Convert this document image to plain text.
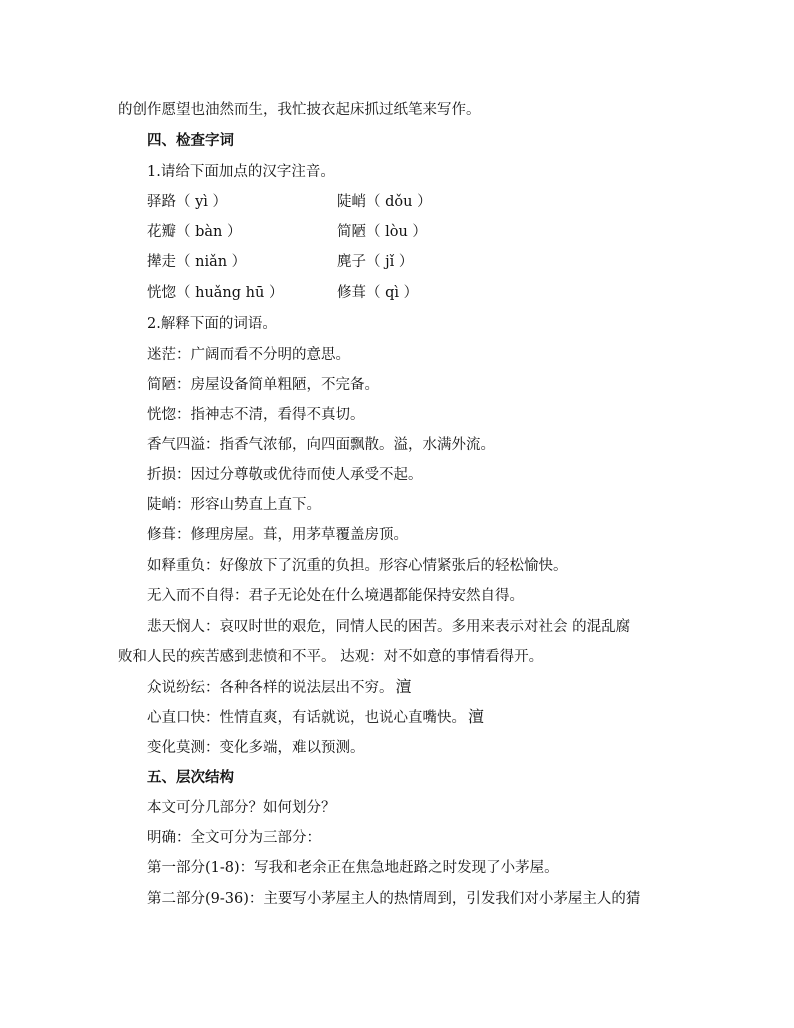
的创作愿望也油然而生，我忙披衣起床抓过纸笔来写作。
四、检查字词
1.请给下面加点的汉字注音。
驿路（ yì ）	陡峭（ dǒu ）
花瓣（ bàn ）	简陋（ lòu ）
撵走（ niǎn ）	麂子（ jǐ ）
恍惚（ huǎng hū ）	修葺（ qì ）
2.解释下面的词语。
迷茫：广阔而看不分明的意思。
简陋：房屋设备简单粗陋，不完备。
恍惚：指神志不清，看得不真切。
香气四溢：指香气浓郁，向四面飘散。溢，水满外流。
折损：因过分尊敬或优待而使人承受不起。
陡峭：形容山势直上直下。
修葺：修理房屋。葺，用茅草覆盖房顶。
如释重负：好像放下了沉重的负担。形容心情紧张后的轻松愉快。
无入而不自得：君子无论处在什么境遇都能保持安然自得。
悲天悯人：哀叹时世的艰危，同情人民的困苦。多用来表示对社会 的混乱腐
败和人民的疾苦感到悲愤和不平。 达观：对不如意的事情看得开。
众说纷纭：各种各样的说法层出不穷。 澶
心直口快：性情直爽，有话就说，也说心直嘴快。 澶
变化莫测：变化多端，难以预测。
五、层次结构
本文可分几部分？如何划分？
明确：全文可分为三部分：
第一部分(1-8)：写我和老余正在焦急地赶路之时发现了小茅屋。
第二部分(9-36)：主要写小茅屋主人的热情周到，引发我们对小茅屋主人的猜
